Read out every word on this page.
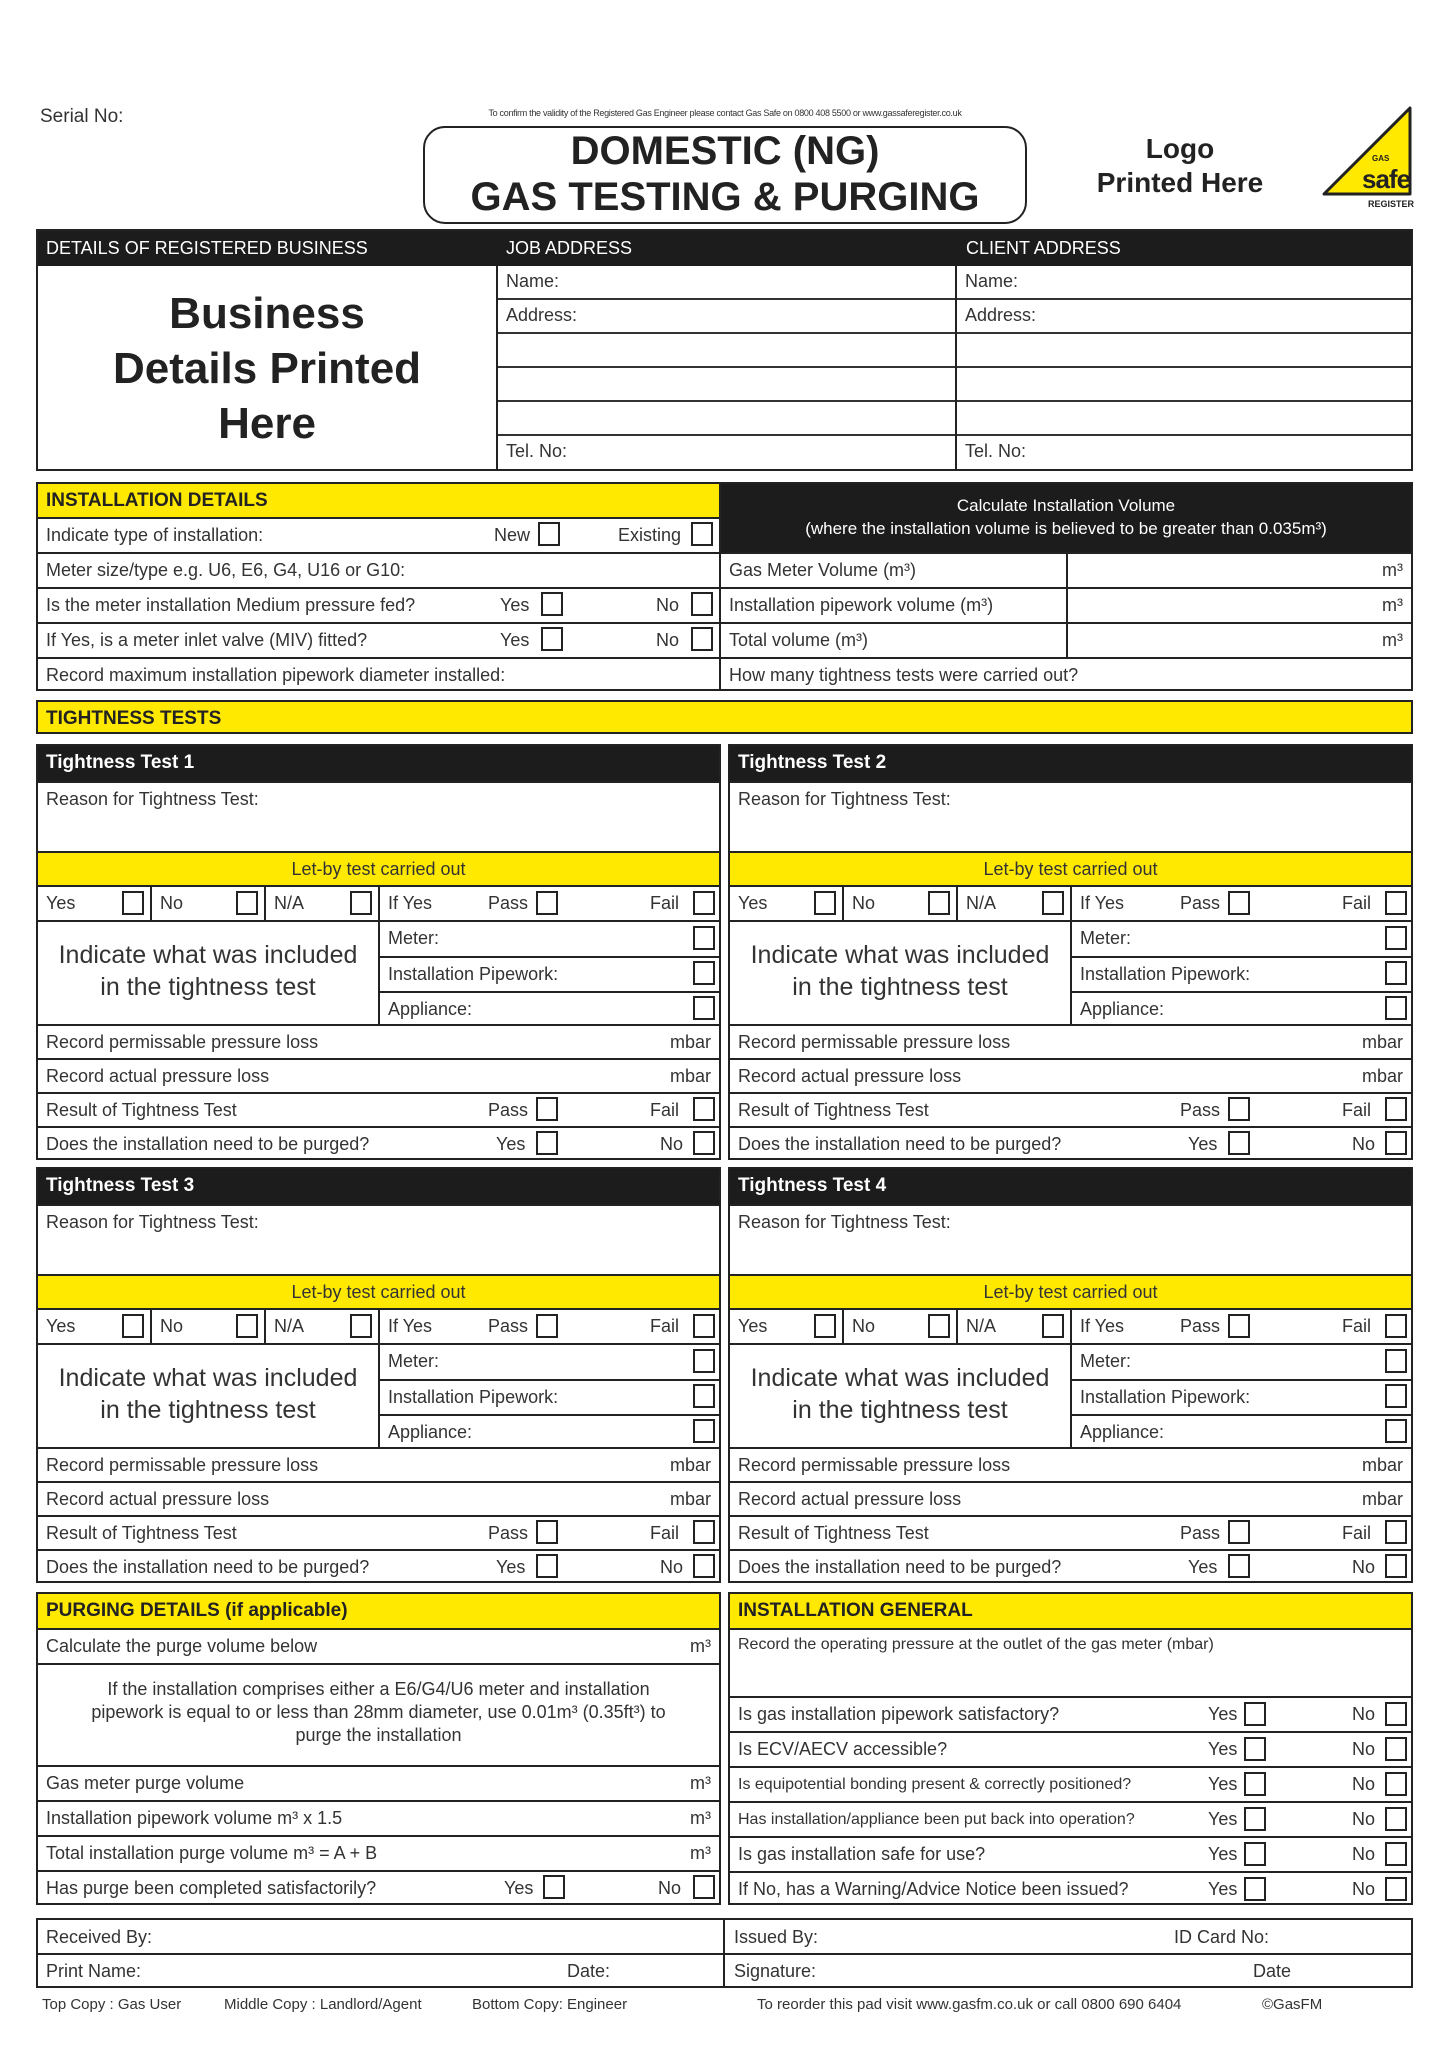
Serial No:	To confirm the validity of the Registered Gas Engineer please contact Gas Safe on 0800 408 5500 or www.gassaferegister.co.uk
DOMESTIC (NG)
GAS TESTING & PURGING
Logo
Printed Here
GAS
safe
REGISTER
DETAILS OF REGISTERED BUSINESS	JOB ADDRESS	CLIENT ADDRESS
Business
Details Printed
Here
Name:
Address:
Tel. No:
Name:
Address:
Tel. No:
INSTALLATION DETAILS
Indicate type of installation:	New	Existing
Meter size/type e.g. U6, E6, G4, U16 or G10:
Is the meter installation Medium pressure fed?	Yes	No
If Yes, is a meter inlet valve (MIV) fitted?	Yes	No
Record maximum installation pipework diameter installed:
Calculate Installation Volume
(where the installation volume is believed to be greater than 0.035m³)
Gas Meter Volume (m³)	m³
Installation pipework volume (m³)	m³
Total volume (m³)	m³
How many tightness tests were carried out?
TIGHTNESS TESTS
Tightness Test 1
Reason for Tightness Test:
Let-by test carried out
Yes	No	N/A	If Yes	Pass	Fail
Indicate what was included
in the tightness test
Meter:
Installation Pipework:
Appliance:
Record permissable pressure loss	mbar
Record actual pressure loss	mbar
Result of Tightness Test	Pass	Fail
Does the installation need to be purged?	Yes	No
Tightness Test 2
Reason for Tightness Test:
Let-by test carried out
Yes	No	N/A	If Yes	Pass	Fail
Indicate what was included
in the tightness test
Meter:
Installation Pipework:
Appliance:
Record permissable pressure loss	mbar
Record actual pressure loss	mbar
Result of Tightness Test	Pass	Fail
Does the installation need to be purged?	Yes	No
Tightness Test 3
Reason for Tightness Test:
Let-by test carried out
Yes	No	N/A	If Yes	Pass	Fail
Indicate what was included
in the tightness test
Meter:
Installation Pipework:
Appliance:
Record permissable pressure loss	mbar
Record actual pressure loss	mbar
Result of Tightness Test	Pass	Fail
Does the installation need to be purged?	Yes	No
Tightness Test 4
Reason for Tightness Test:
Let-by test carried out
Yes	No	N/A	If Yes	Pass	Fail
Indicate what was included
in the tightness test
Meter:
Installation Pipework:
Appliance:
Record permissable pressure loss	mbar
Record actual pressure loss	mbar
Result of Tightness Test	Pass	Fail
Does the installation need to be purged?	Yes	No
PURGING DETAILS (if applicable)
Calculate the purge volume below	m³
If the installation comprises either a E6/G4/U6 meter and installation pipework is equal to or less than 28mm diameter, use 0.01m³ (0.35ft³) to purge the installation
Gas meter purge volume	m³
Installation pipework volume m³ x 1.5	m³
Total installation purge volume m³ = A + B	m³
Has purge been completed satisfactorily?	Yes	No
INSTALLATION GENERAL
Record the operating pressure at the outlet of the gas meter (mbar)
Is gas installation pipework satisfactory?	Yes	No
Is ECV/AECV accessible?	Yes	No
Is equipotential bonding present & correctly positioned?	Yes	No
Has installation/appliance been put back into operation?	Yes	No
Is gas installation safe for use?	Yes	No
If No, has a Warning/Advice Notice been issued?	Yes	No
Received By:
Print Name:	Date:
Issued By:	ID Card No:
Signature:	Date
Top Copy : Gas User	Middle Copy : Landlord/Agent	Bottom Copy: Engineer	To reorder this pad visit www.gasfm.co.uk or call 0800 690 6404	©GasFM
